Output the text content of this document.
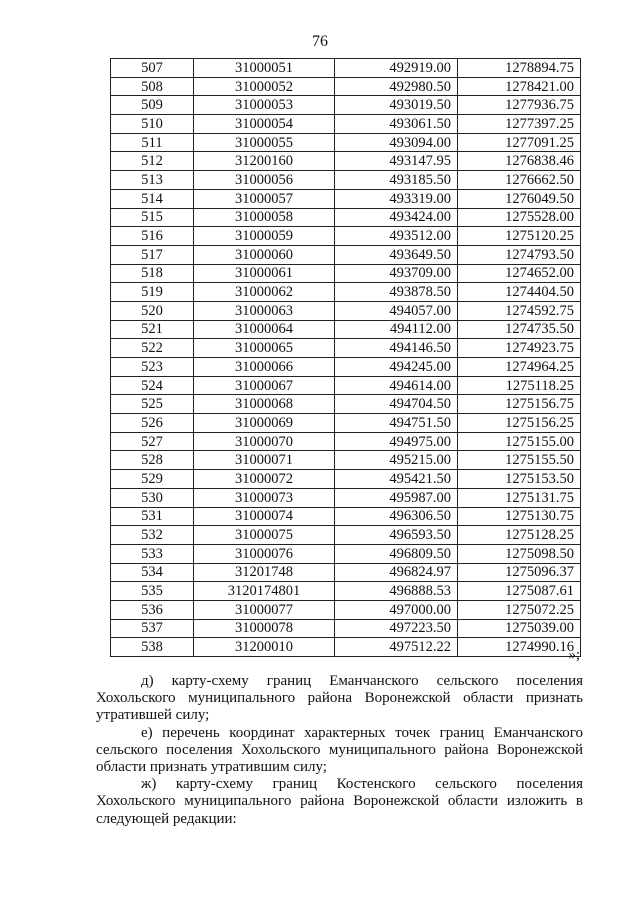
76
507	31000051	492919.00	1278894.75
508	31000052	492980.50	1278421.00
509	31000053	493019.50	1277936.75
510	31000054	493061.50	1277397.25
511	31000055	493094.00	1277091.25
512	31200160	493147.95	1276838.46
513	31000056	493185.50	1276662.50
514	31000057	493319.00	1276049.50
515	31000058	493424.00	1275528.00
516	31000059	493512.00	1275120.25
517	31000060	493649.50	1274793.50
518	31000061	493709.00	1274652.00
519	31000062	493878.50	1274404.50
520	31000063	494057.00	1274592.75
521	31000064	494112.00	1274735.50
522	31000065	494146.50	1274923.75
523	31000066	494245.00	1274964.25
524	31000067	494614.00	1275118.25
525	31000068	494704.50	1275156.75
526	31000069	494751.50	1275156.25
527	31000070	494975.00	1275155.00
528	31000071	495215.00	1275155.50
529	31000072	495421.50	1275153.50
530	31000073	495987.00	1275131.75
531	31000074	496306.50	1275130.75
532	31000075	496593.50	1275128.25
533	31000076	496809.50	1275098.50
534	31201748	496824.97	1275096.37
535	3120174801	496888.53	1275087.61
536	31000077	497000.00	1275072.25
537	31000078	497223.50	1275039.00
538	31200010	497512.22	1274990.16
»;

д) карту-схему границ Еманчанского сельского поселения Хохольского муниципального района Воронежской области признать утратившей силу;

е) перечень координат характерных точек границ Еманчанского сельского поселения Хохольского муниципального района Воронежской области признать утратившим силу;

ж) карту-схему границ Костенского сельского поселения Хохольского муниципального района Воронежской области изложить в следующей редакции:
